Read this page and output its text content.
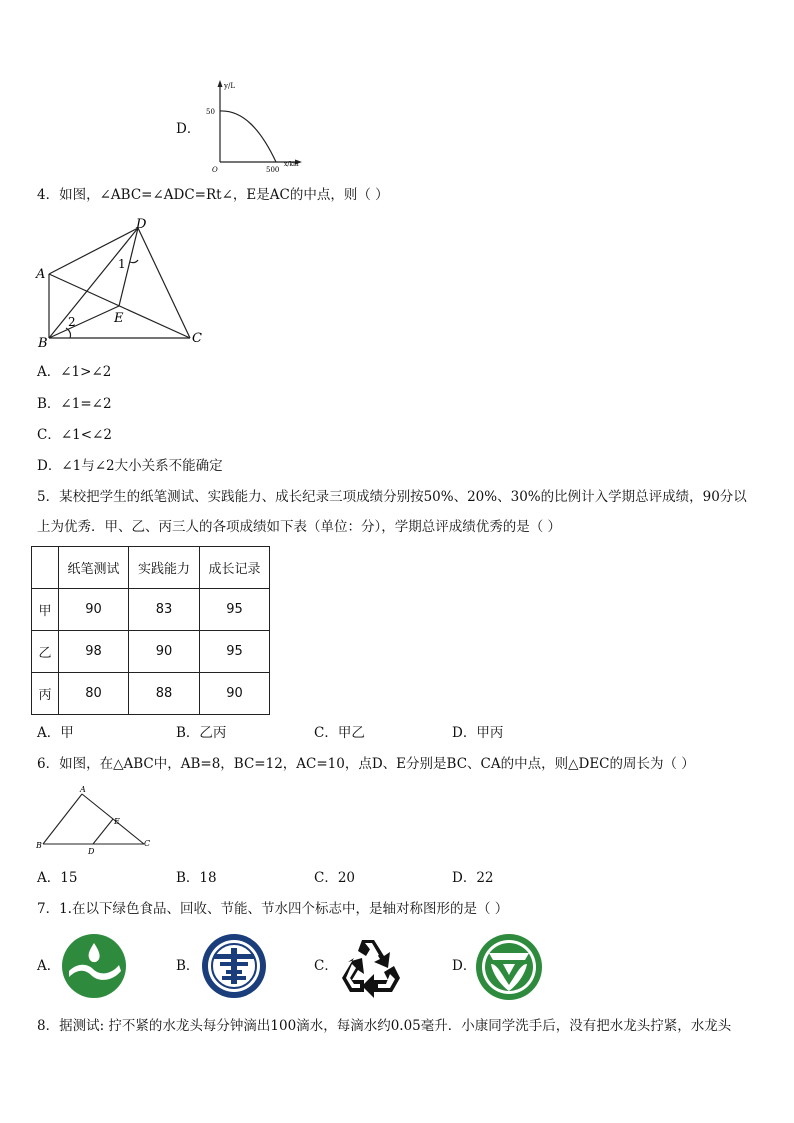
D．
y/L
50
O	500
x/km
4．如图，∠ABC=∠ADC=Rt∠，E是AC的中点，则（ ）
D
A
B	C
E
1
2
A．∠1>∠2
B．∠1=∠2
C．∠1<∠2
D．∠1与∠2大小关系不能确定
5．某校把学生的纸笔测试、实践能力、成长纪录三项成绩分别按50%、20%、30%的比例计入学期总评成绩，90分以
上为优秀．甲、乙、丙三人的各项成绩如下表（单位：分），学期总评成绩优秀的是（ ）
	纸笔测试	实践能力	成长记录
甲	90	83	95
乙	98	90	95
丙	80	88	90
A．甲	B．乙丙	C．甲乙	D．甲丙
6．如图，在△ABC中，AB=8，BC=12，AC=10，点D、E分别是BC、CA的中点，则△DEC的周长为（ ）
A
B	C
D
E
A．15	B．18	C．20	D．22
7．1.在以下绿色食品、回收、节能、节水四个标志中，是轴对称图形的是（ ）
A．	B．	C．	D．
8．据测试: 拧不紧的水龙头每分钟滴出100滴水，每滴水约0.05毫升．小康同学洗手后，没有把水龙头拧紧，水龙头
